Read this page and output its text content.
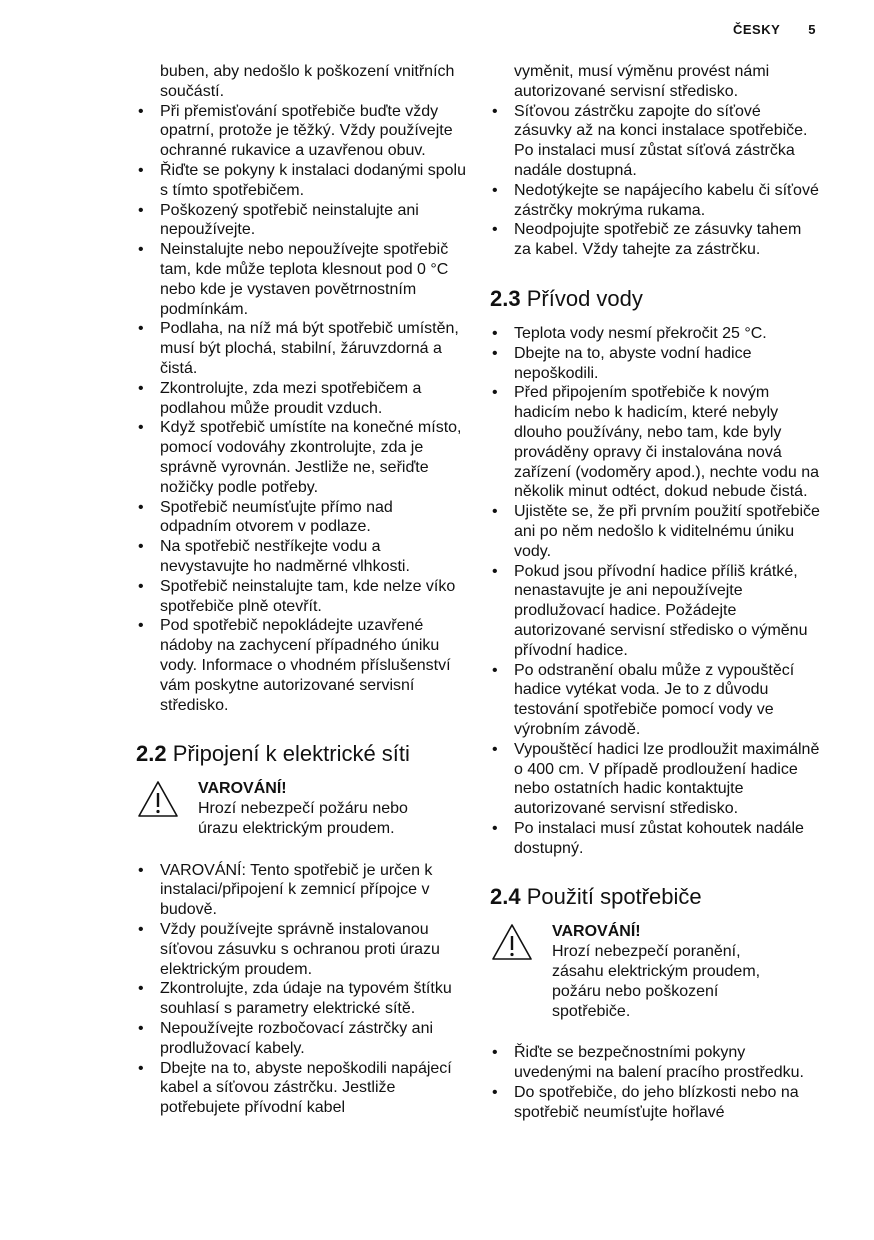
ČESKY 5
buben, aby nedošlo k poškození vnitřních součástí.
• Při přemisťování spotřebiče buďte vždy opatrní, protože je těžký. Vždy používejte ochranné rukavice a uzavřenou obuv.
• Řiďte se pokyny k instalaci dodanými spolu s tímto spotřebičem.
• Poškozený spotřebič neinstalujte ani nepoužívejte.
• Neinstalujte nebo nepoužívejte spotřebič tam, kde může teplota klesnout pod 0 °C nebo kde je vystaven povětrnostním podmínkám.
• Podlaha, na níž má být spotřebič umístěn, musí být plochá, stabilní, žáruvzdorná a čistá.
• Zkontrolujte, zda mezi spotřebičem a podlahou může proudit vzduch.
• Když spotřebič umístíte na konečné místo, pomocí vodováhy zkontrolujte, zda je správně vyrovnán. Jestliže ne, seřiďte nožičky podle potřeby.
• Spotřebič neumísťujte přímo nad odpadním otvorem v podlaze.
• Na spotřebič nestříkejte vodu a nevystavujte ho nadměrné vlhkosti.
• Spotřebič neinstalujte tam, kde nelze víko spotřebiče plně otevřít.
• Pod spotřebič nepokládejte uzavřené nádoby na zachycení případného úniku vody. Informace o vhodném příslušenství vám poskytne autorizované servisní středisko.
2.2 Připojení k elektrické síti
VAROVÁNÍ!
Hrozí nebezpečí požáru nebo úrazu elektrickým proudem.
• VAROVÁNÍ: Tento spotřebič je určen k instalaci/připojení k zemnicí přípojce v budově.
• Vždy používejte správně instalovanou síťovou zásuvku s ochranou proti úrazu elektrickým proudem.
• Zkontrolujte, zda údaje na typovém štítku souhlasí s parametry elektrické sítě.
• Nepoužívejte rozbočovací zástrčky ani prodlužovací kabely.
• Dbejte na to, abyste nepoškodili napájecí kabel a síťovou zástrčku. Jestliže potřebujete přívodní kabel
vyměnit, musí výměnu provést námi autorizované servisní středisko.
• Síťovou zástrčku zapojte do síťové zásuvky až na konci instalace spotřebiče. Po instalaci musí zůstat síťová zástrčka nadále dostupná.
• Nedotýkejte se napájecího kabelu či síťové zástrčky mokrýma rukama.
• Neodpojujte spotřebič ze zásuvky tahem za kabel. Vždy tahejte za zástrčku.
2.3 Přívod vody
• Teplota vody nesmí překročit 25 °C.
• Dbejte na to, abyste vodní hadice nepoškodili.
• Před připojením spotřebiče k novým hadicím nebo k hadicím, které nebyly dlouho používány, nebo tam, kde byly prováděny opravy či instalována nová zařízení (vodoměry apod.), nechte vodu na několik minut odtéct, dokud nebude čistá.
• Ujistěte se, že při prvním použití spotřebiče ani po něm nedošlo k viditelnému úniku vody.
• Pokud jsou přívodní hadice příliš krátké, nenastavujte je ani nepoužívejte prodlužovací hadice. Požádejte autorizované servisní středisko o výměnu přívodní hadice.
• Po odstranění obalu může z vypouštěcí hadice vytékat voda. Je to z důvodu testování spotřebiče pomocí vody ve výrobním závodě.
• Vypouštěcí hadici lze prodloužit maximálně o 400 cm. V případě prodloužení hadice nebo ostatních hadic kontaktujte autorizované servisní středisko.
• Po instalaci musí zůstat kohoutek nadále dostupný.
2.4 Použití spotřebiče
VAROVÁNÍ!
Hrozí nebezpečí poranění, zásahu elektrickým proudem, požáru nebo poškození spotřebiče.
• Řiďte se bezpečnostními pokyny uvedenými na balení pracího prostředku.
• Do spotřebiče, do jeho blízkosti nebo na spotřebič neumísťujte hořlavé
